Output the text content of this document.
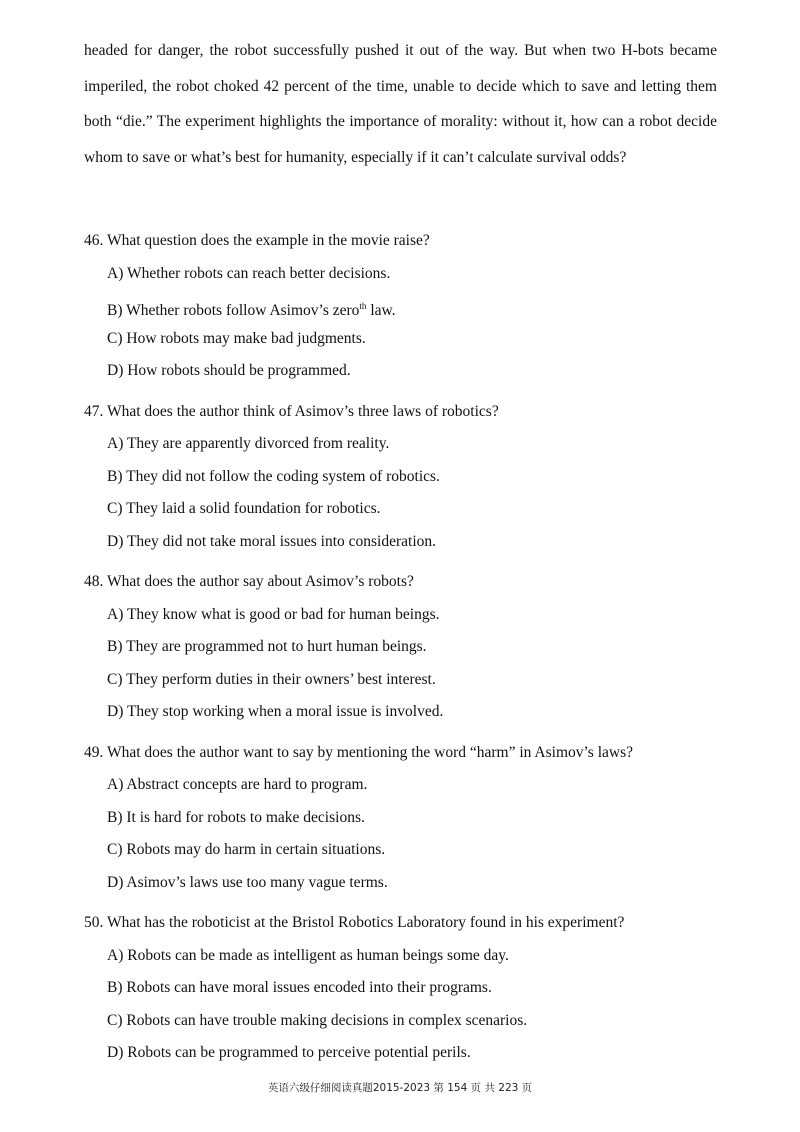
headed for danger, the robot successfully pushed it out of the way. But when two H-bots became imperiled, the robot choked 42 percent of the time, unable to decide which to save and letting them both “die.” The experiment highlights the importance of morality: without it, how can a robot decide whom to save or what’s best for humanity, especially if it can’t calculate survival odds?
46. What question does the example in the movie raise?
A) Whether robots can reach better decisions.
B) Whether robots follow Asimov’s zero$^{th}$ law.
C) How robots may make bad judgments.
D) How robots should be programmed.
47. What does the author think of Asimov’s three laws of robotics?
A) They are apparently divorced from reality.
B) They did not follow the coding system of robotics.
C) They laid a solid foundation for robotics.
D) They did not take moral issues into consideration.
48. What does the author say about Asimov’s robots?
A) They know what is good or bad for human beings.
B) They are programmed not to hurt human beings.
C) They perform duties in their owners’ best interest.
D) They stop working when a moral issue is involved.
49. What does the author want to say by mentioning the word “harm” in Asimov’s laws?
A) Abstract concepts are hard to program.
B) It is hard for robots to make decisions.
C) Robots may do harm in certain situations.
D) Asimov’s laws use too many vague terms.
50. What has the roboticist at the Bristol Robotics Laboratory found in his experiment?
A) Robots can be made as intelligent as human beings some day.
B) Robots can have moral issues encoded into their programs.
C) Robots can have trouble making decisions in complex scenarios.
D) Robots can be programmed to perceive potential perils.
英语六级仔细阅读真题2015-2023 第 154 页 共 223 页
